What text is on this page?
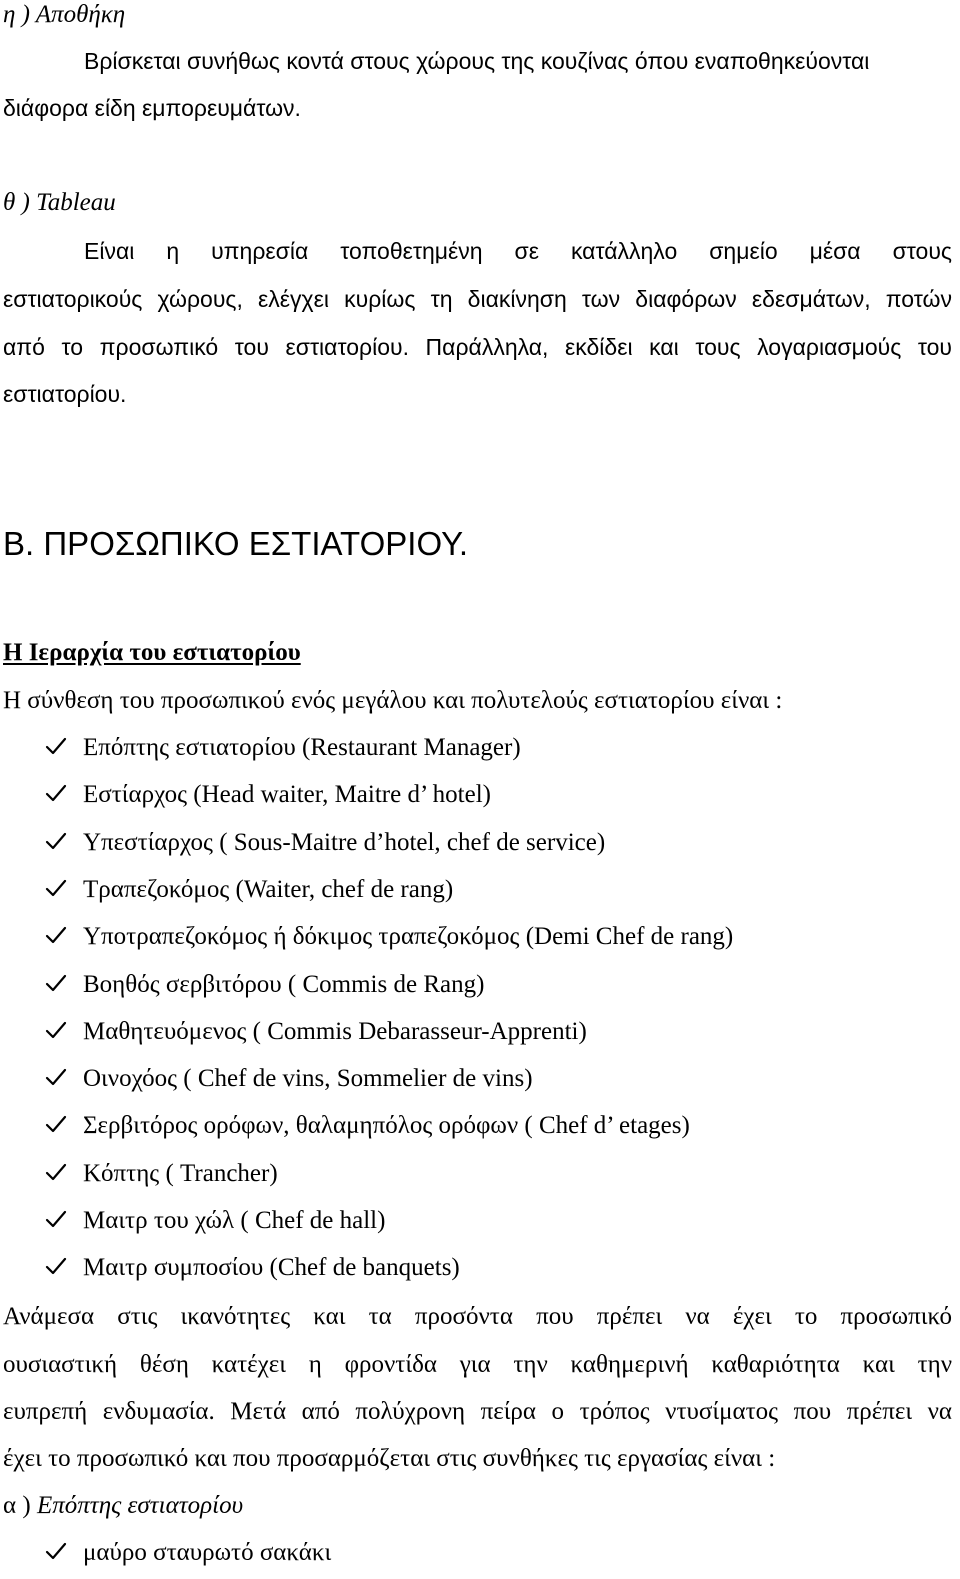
η ) Αποθήκη
Βρίσκεται συνήθως κοντά στους χώρους της κουζίνας όπου εναποθηκεύονται
διάφορα είδη εμπορευμάτων.
θ ) Tableau
Είναι η υπηρεσία τοποθετημένη σε κατάλληλο σημείο μέσα στους
εστιατορικούς χώρους, ελέγχει κυρίως τη διακίνηση των διαφόρων εδεσμάτων, ποτών
από το προσωπικό του εστιατορίου. Παράλληλα, εκδίδει και τους λογαριασμούς του
εστιατορίου.
Β. ΠΡΟΣΩΠΙΚΟ ΕΣΤΙΑΤΟΡΙΟΥ.
Η Ιεραρχία του εστιατορίου
Η σύνθεση του προσωπικού ενός μεγάλου και πολυτελούς εστιατορίου είναι :
Επόπτης εστιατορίου (Restaurant Manager)
Εστίαρχος (Head waiter, Maitre d’ hotel)
Υπεστίαρχος ( Sous-Maitre d’hotel, chef de service)
Τραπεζοκόμος (Waiter, chef de rang)
Υποτραπεζοκόμος ή δόκιμος τραπεζοκόμος (Demi Chef de rang)
Βοηθός σερβιτόρου ( Commis de Rang)
Μαθητευόμενος ( Commis Debarasseur-Apprenti)
Οινοχόος ( Chef de vins, Sommelier de vins)
Σερβιτόρος ορόφων, θαλαμηπόλος ορόφων ( Chef d’ etages)
Κόπτης ( Trancher)
Μαιτρ του χώλ ( Chef de hall)
Μαιτρ συμποσίου (Chef de banquets)
Ανάμεσα στις ικανότητες και τα προσόντα που πρέπει να έχει το προσωπικό
ουσιαστική θέση κατέχει η φροντίδα για την καθημερινή καθαριότητα και την
ευπρεπή ενδυμασία. Μετά από πολύχρονη πείρα ο τρόπος ντυσίματος που πρέπει να
έχει το προσωπικό και που προσαρμόζεται στις συνθήκες τις εργασίας είναι :
α ) Επόπτης εστιατορίου
μαύρο σταυρωτό σακάκι
